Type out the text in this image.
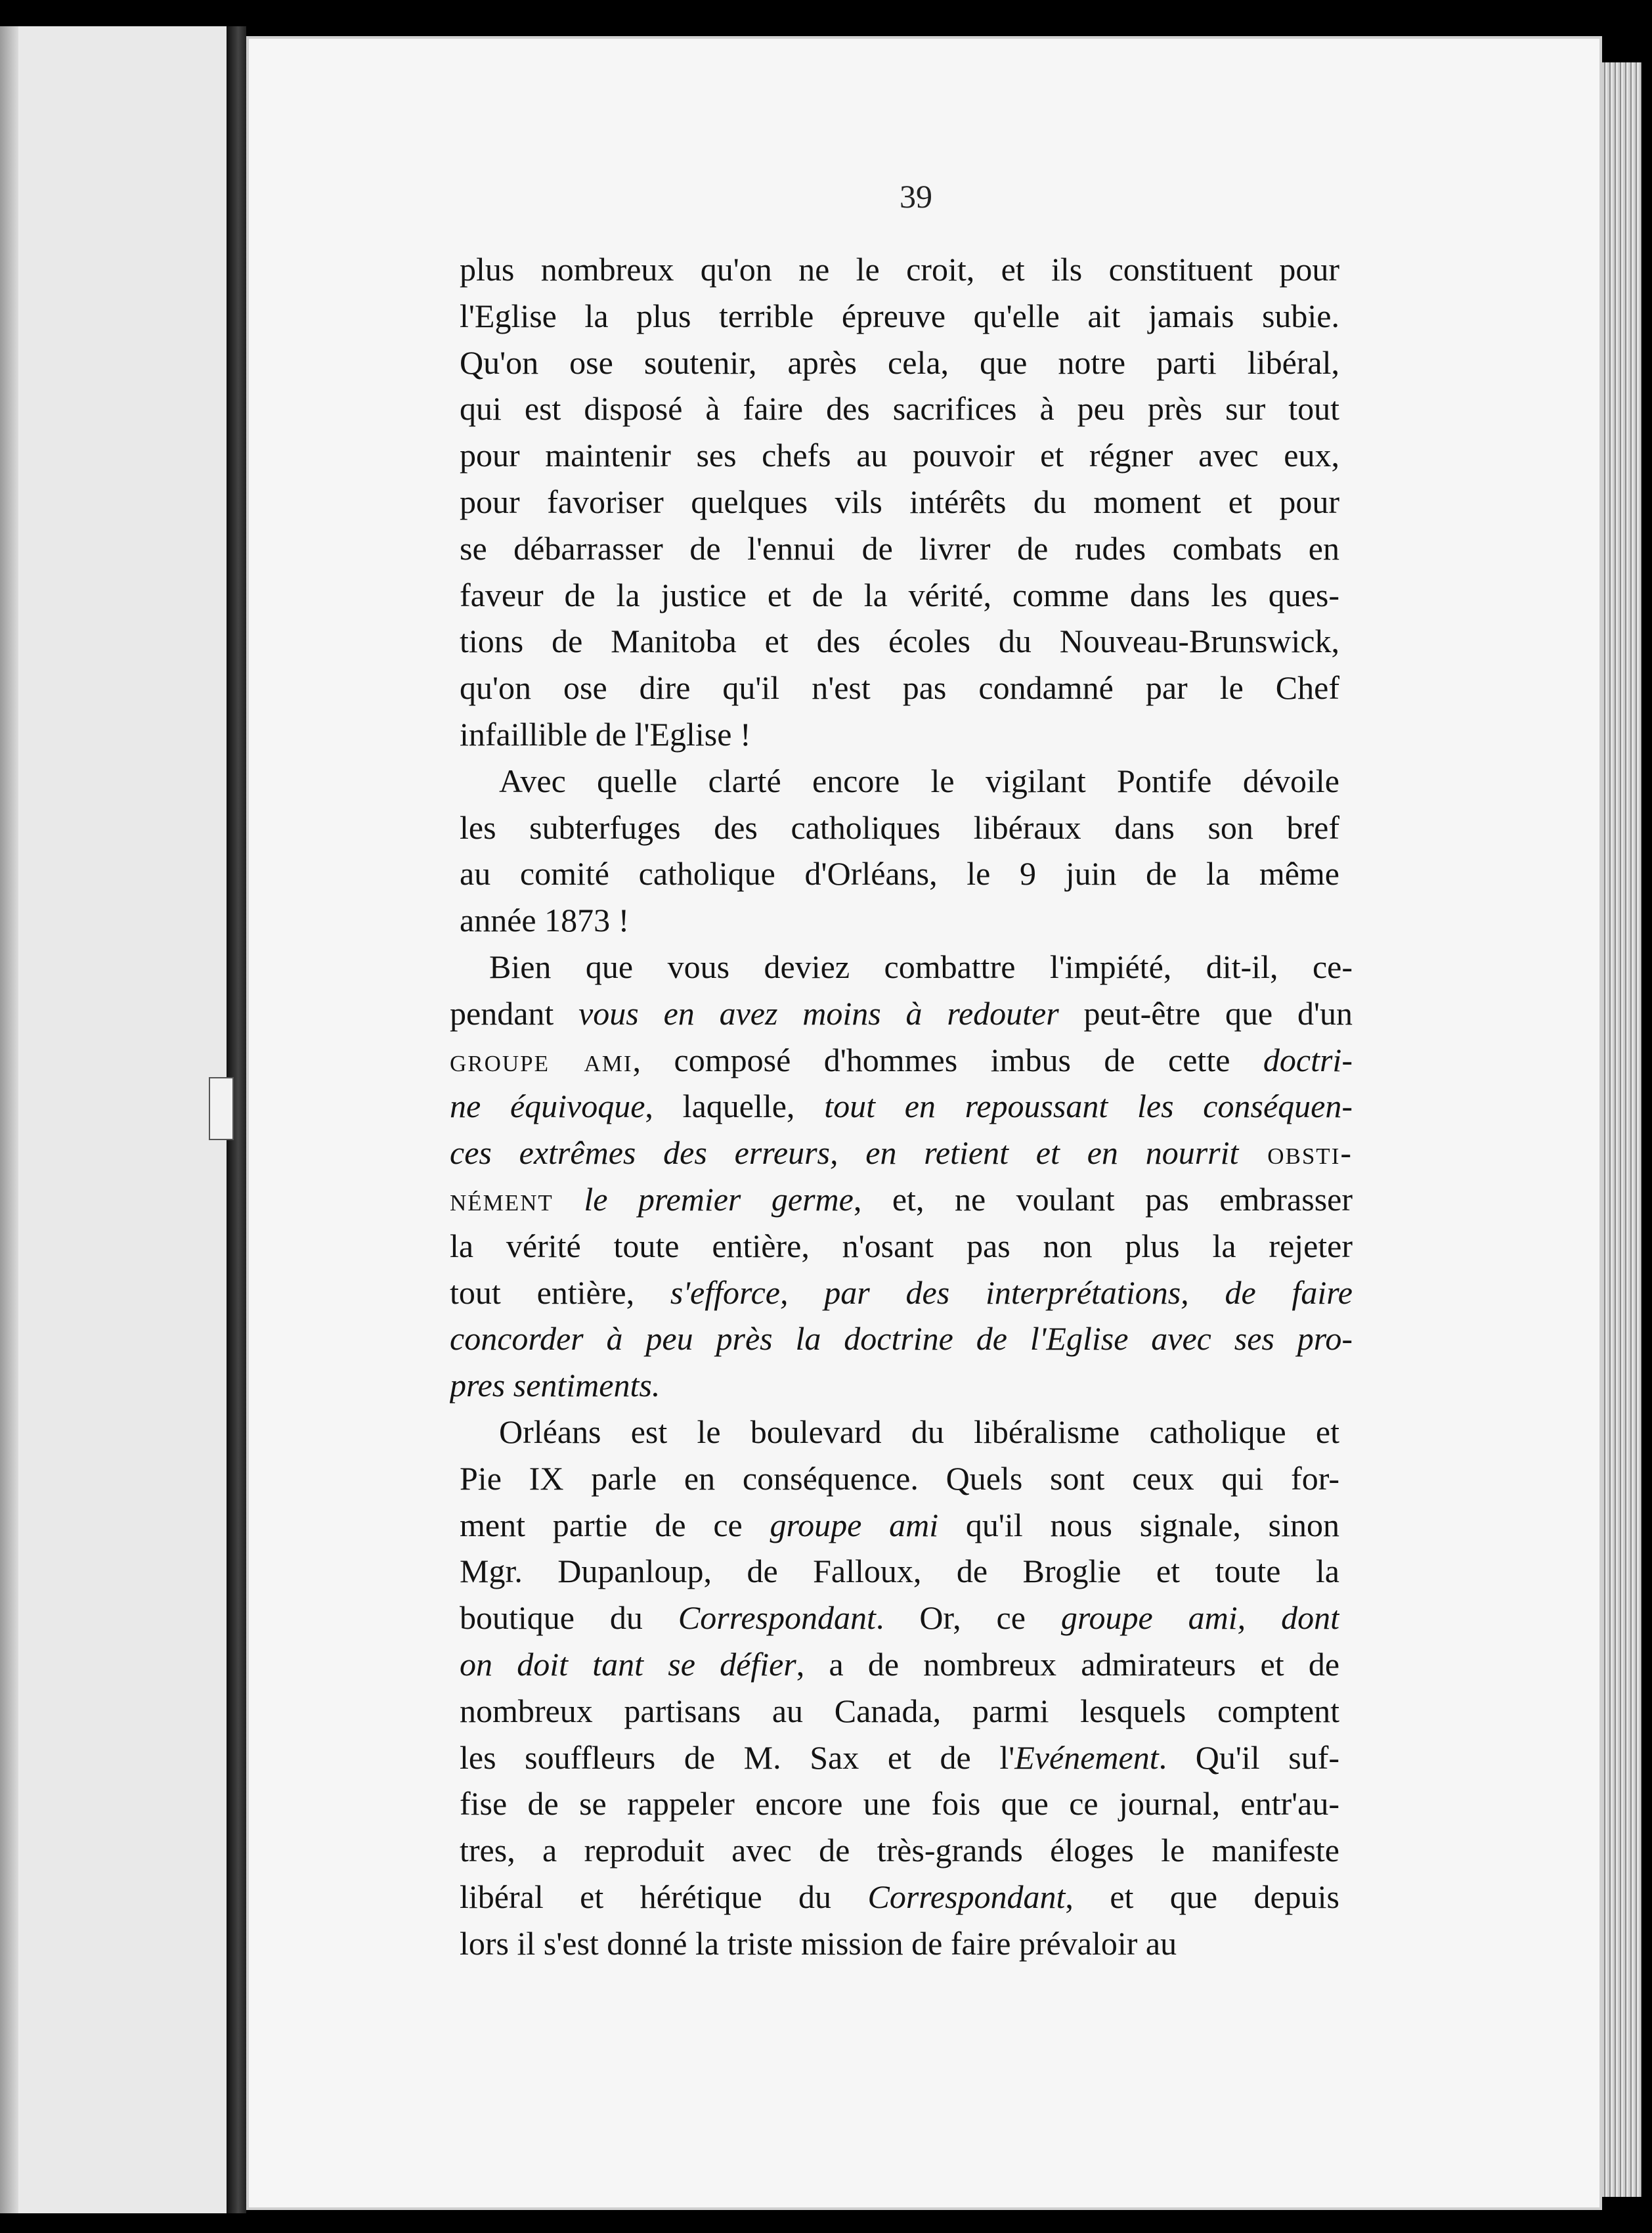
39
plus nombreux qu'on ne le croit, et ils constituent pour
l'Eglise la plus terrible épreuve qu'elle ait jamais subie.
Qu'on ose soutenir, après cela, que notre parti libéral,
qui est disposé à faire des sacrifices à peu près sur tout
pour maintenir ses chefs au pouvoir et régner avec eux,
pour favoriser quelques vils intérêts du moment et pour
se débarrasser de l'ennui de livrer de rudes combats en
faveur de la justice et de la vérité, comme dans les ques-
tions de Manitoba et des écoles du Nouveau-Brunswick,
qu'on ose dire qu'il n'est pas condamné par le Chef
infaillible de l'Eglise !
Avec quelle clarté encore le vigilant Pontife dévoile
les subterfuges des catholiques libéraux dans son bref
au comité catholique d'Orléans, le 9 juin de la même
année 1873 !
Bien que vous deviez combattre l'impiété, dit-il, ce-
pendant vous en avez moins à redouter peut-être que d'un
groupe ami, composé d'hommes imbus de cette doctri-
ne équivoque, laquelle, tout en repoussant les conséquen-
ces extrêmes des erreurs, en retient et en nourrit obsti-
nément le premier germe, et, ne voulant pas embrasser
la vérité toute entière, n'osant pas non plus la rejeter
tout entière, s'efforce, par des interprétations, de faire
concorder à peu près la doctrine de l'Eglise avec ses pro-
pres sentiments.
Orléans est le boulevard du libéralisme catholique et
Pie IX parle en conséquence. Quels sont ceux qui for-
ment partie de ce groupe ami qu'il nous signale, sinon
Mgr. Dupanloup, de Falloux, de Broglie et toute la
boutique du Correspondant. Or, ce groupe ami, dont
on doit tant se défier, a de nombreux admirateurs et de
nombreux partisans au Canada, parmi lesquels comptent
les souffleurs de M. Sax et de l'Evénement. Qu'il suf-
fise de se rappeler encore une fois que ce journal, entr'au-
tres, a reproduit avec de très-grands éloges le manifeste
libéral et hérétique du Correspondant, et que depuis
lors il s'est donné la triste mission de faire prévaloir au
